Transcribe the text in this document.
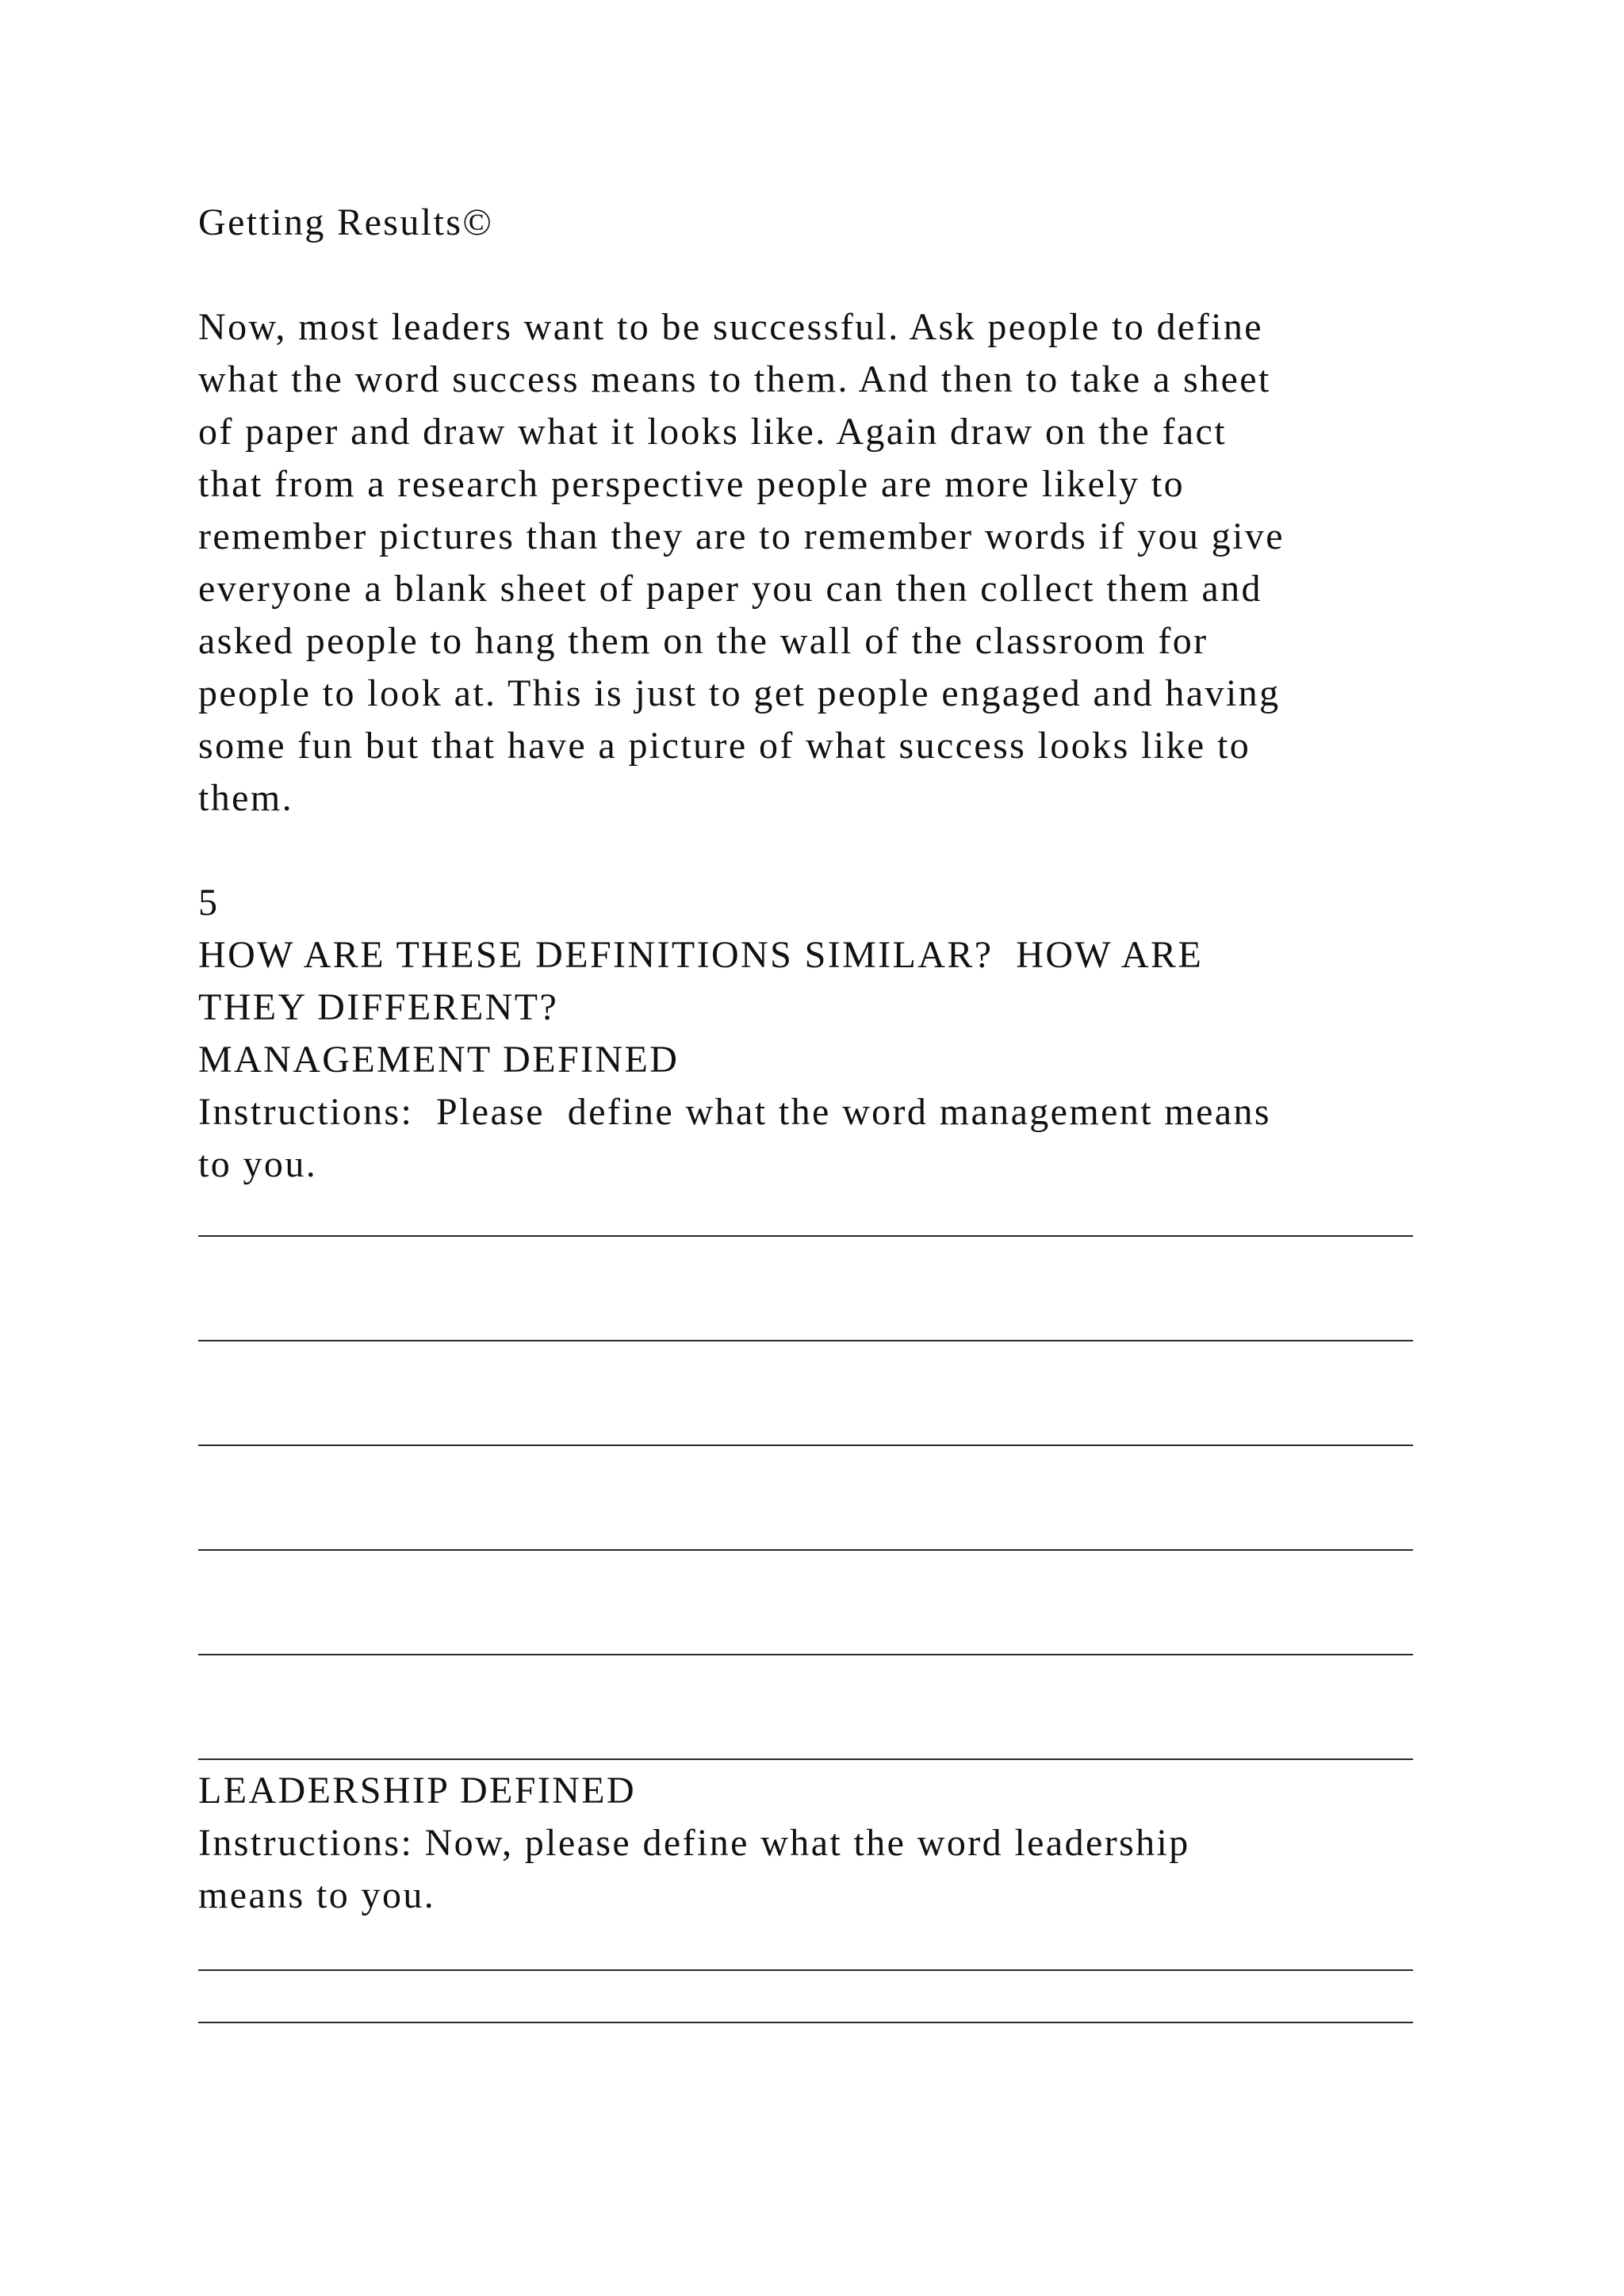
Getting Results©

Now, most leaders want to be successful. Ask people to define

what the word success means to them. And then to take a sheet

of paper and draw what it looks like. Again draw on the fact

that from a research perspective people are more likely to

remember pictures than they are to remember words if you give

everyone a blank sheet of paper you can then collect them and

asked people to hang them on the wall of the classroom for

people to look at. This is just to get people engaged and having

some fun but that have a picture of what success looks like to

them.

5

HOW ARE THESE DEFINITIONS SIMILAR?  HOW ARE

THEY DIFFERENT?

MANAGEMENT DEFINED

Instructions:  Please  define what the word management means

to you.

LEADERSHIP DEFINED

Instructions: Now, please define what the word leadership

means to you.
